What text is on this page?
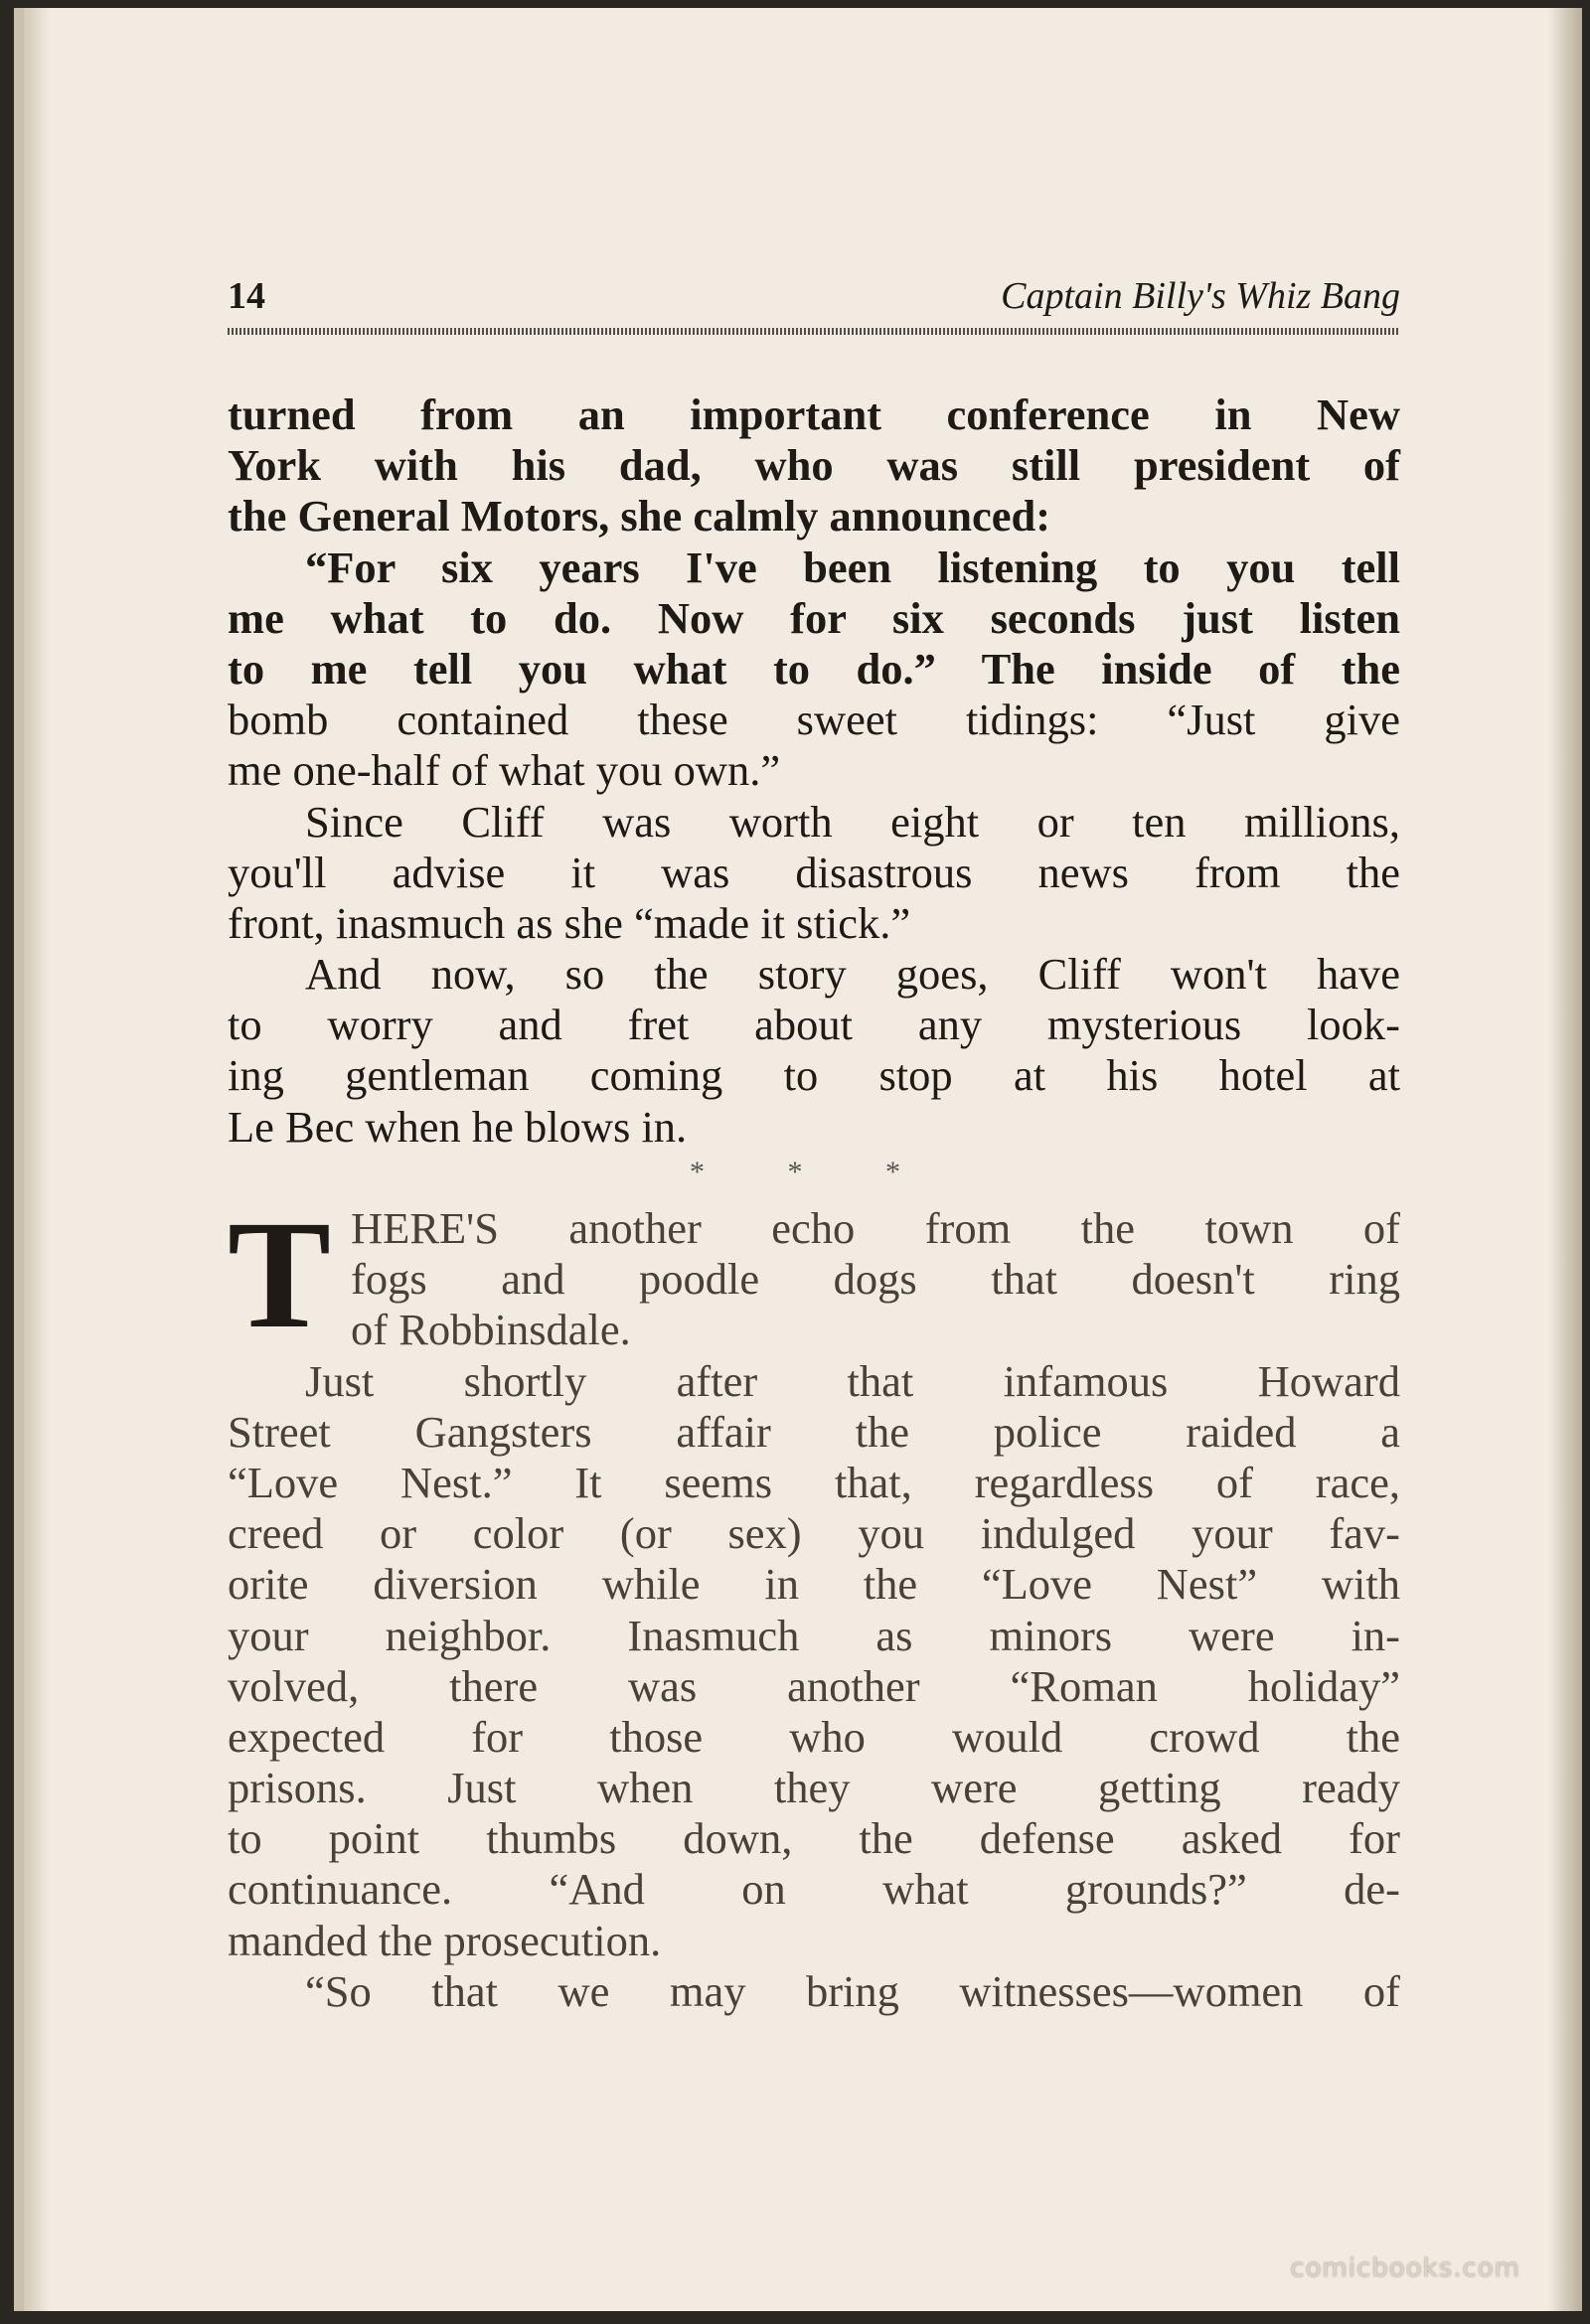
14	Captain Billy's Whiz Bang
turned from an important conference in New
York with his dad, who was still president of
the General Motors, she calmly announced:
“For six years I've been listening to you tell
me what to do. Now for six seconds just listen
to me tell you what to do.” The inside of the
bomb contained these sweet tidings: “Just give
me one-half of what you own.”
Since Cliff was worth eight or ten millions,
you'll advise it was disastrous news from the
front, inasmuch as she “made it stick.”
And now, so the story goes, Cliff won't have
to worry and fret about any mysterious look-
ing gentleman coming to stop at his hotel at
Le Bec when he blows in.
* * *
T HERE'S another echo from the town of
fogs and poodle dogs that doesn't ring
of Robbinsdale.
Just shortly after that infamous Howard
Street Gangsters affair the police raided a
“Love Nest.” It seems that, regardless of race,
creed or color (or sex) you indulged your fav-
orite diversion while in the “Love Nest” with
your neighbor. Inasmuch as minors were in-
volved, there was another “Roman holiday”
expected for those who would crowd the
prisons. Just when they were getting ready
to point thumbs down, the defense asked for
continuance. “And on what grounds?” de-
manded the prosecution.
“So that we may bring witnesses—women of
comicbooks.com
